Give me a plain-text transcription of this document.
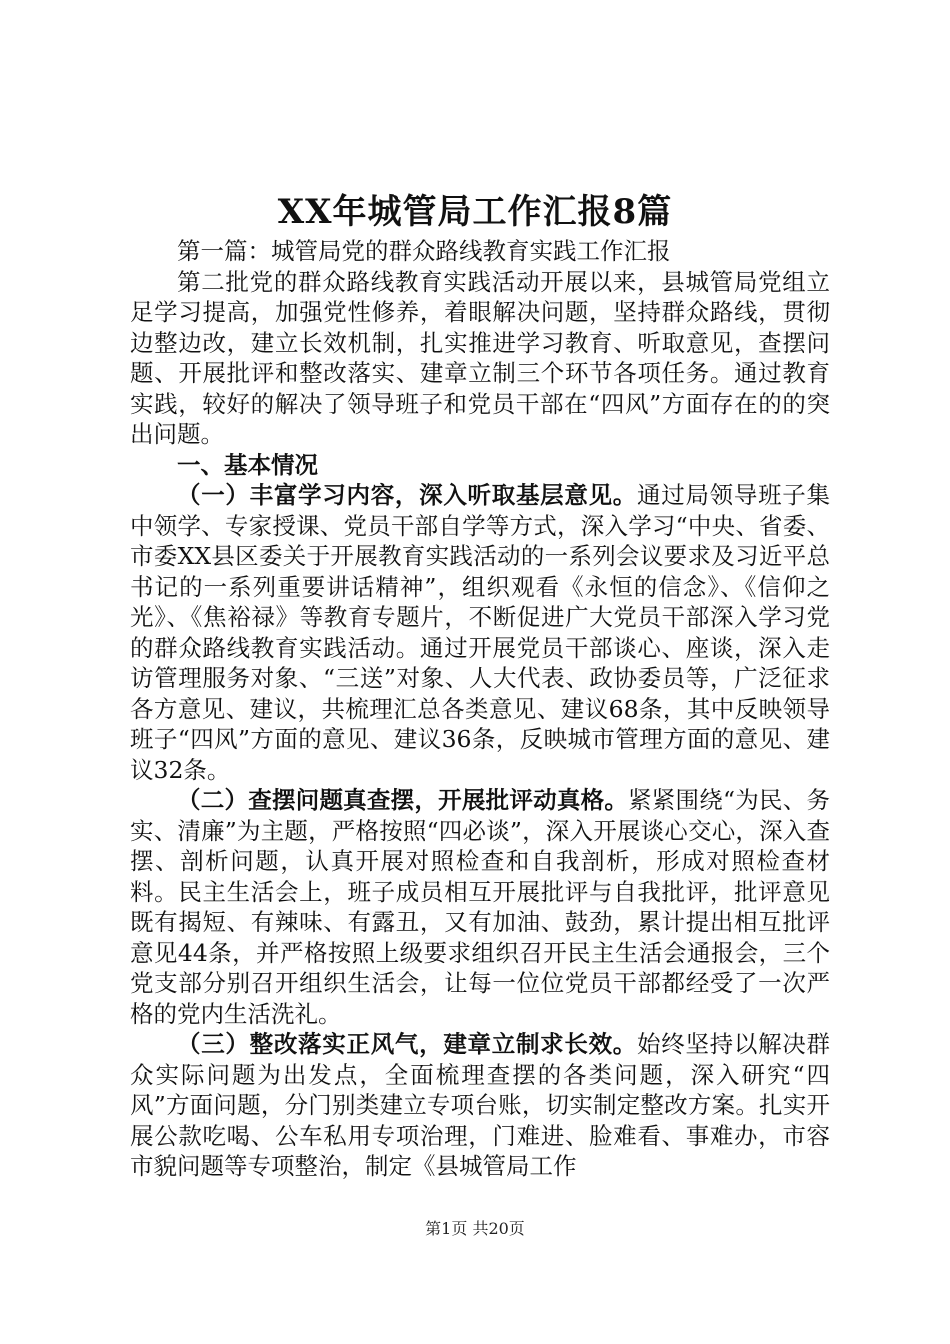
XX年城管局工作汇报8篇

第一篇：城管局党的群众路线教育实践工作汇报

第二批党的群众路线教育实践活动开展以来，县城管局党组立足学习提高，加强党性修养，着眼解决问题，坚持群众路线，贯彻边整边改，建立长效机制，扎实推进学习教育、听取意见，查摆问题、开展批评和整改落实、建章立制三个环节各项任务。通过教育实践，较好的解决了领导班子和党员干部在“四风”方面存在的的突出问题。

一、基本情况

（一）丰富学习内容，深入听取基层意见。通过局领导班子集中领学、专家授课、党员干部自学等方式，深入学习“中央、省委、市委XX县区委关于开展教育实践活动的一系列会议要求及习近平总书记的一系列重要讲话精神”，组织观看《永恒的信念》、《信仰之光》、《焦裕禄》等教育专题片，不断促进广大党员干部深入学习党的群众路线教育实践活动。通过开展党员干部谈心、座谈，深入走访管理服务对象、“三送”对象、人大代表、政协委员等，广泛征求各方意见、建议，共梳理汇总各类意见、建议68条，其中反映领导班子“四风”方面的意见、建议36条，反映城市管理方面的意见、建议32条。

（二）查摆问题真查摆，开展批评动真格。紧紧围绕“为民、务实、清廉”为主题，严格按照“四必谈”，深入开展谈心交心，深入查摆、剖析问题，认真开展对照检查和自我剖析，形成对照检查材料。民主生活会上，班子成员相互开展批评与自我批评，批评意见既有揭短、有辣味、有露丑，又有加油、鼓劲，累计提出相互批评意见44条，并严格按照上级要求组织召开民主生活会通报会，三个党支部分别召开组织生活会，让每一位位党员干部都经受了一次严格的党内生活洗礼。

（三）整改落实正风气，建章立制求长效。始终坚持以解决群众实际问题为出发点，全面梳理查摆的各类问题，深入研究“四风”方面问题，分门别类建立专项台账，切实制定整改方案。扎实开展公款吃喝、公车私用专项治理，门难进、脸难看、事难办，市容市貌问题等专项整治，制定《县城管局工作

第1页 共20页
